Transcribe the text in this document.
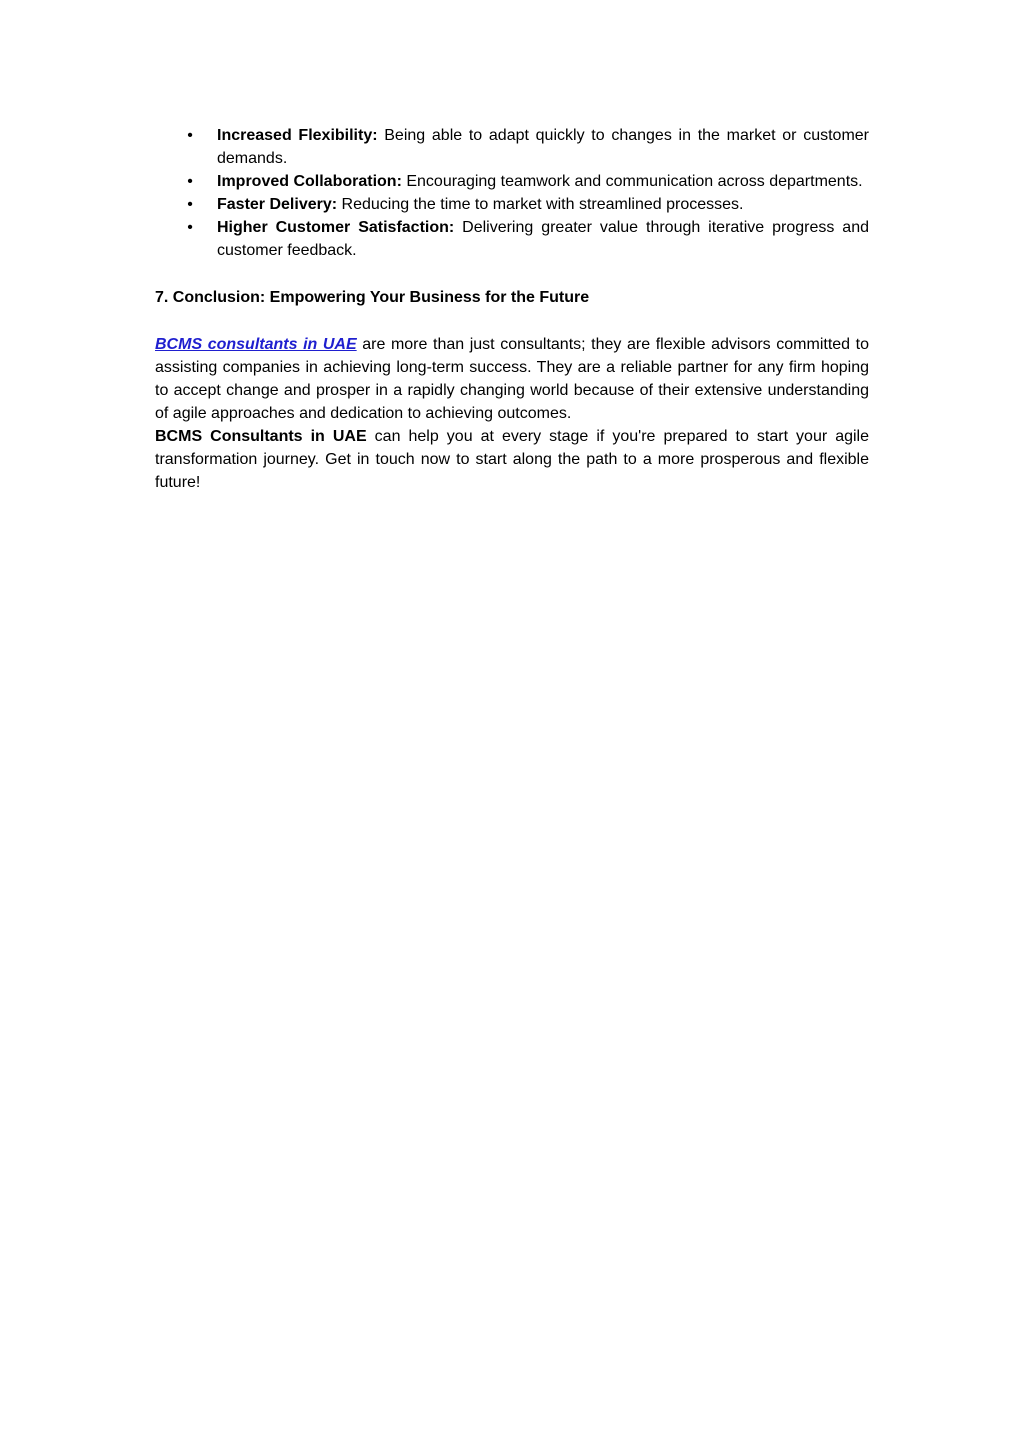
• Increased Flexibility: Being able to adapt quickly to changes in the market or customer demands.
• Improved Collaboration: Encouraging teamwork and communication across departments.
• Faster Delivery: Reducing the time to market with streamlined processes.
• Higher Customer Satisfaction: Delivering greater value through iterative progress and customer feedback.
7. Conclusion: Empowering Your Business for the Future

BCMS consultants in UAE are more than just consultants; they are flexible advisors committed to assisting companies in achieving long-term success. They are a reliable partner for any firm hoping to accept change and prosper in a rapidly changing world because of their extensive understanding of agile approaches and dedication to achieving outcomes.

BCMS Consultants in UAE can help you at every stage if you're prepared to start your agile transformation journey. Get in touch now to start along the path to a more prosperous and flexible future!
